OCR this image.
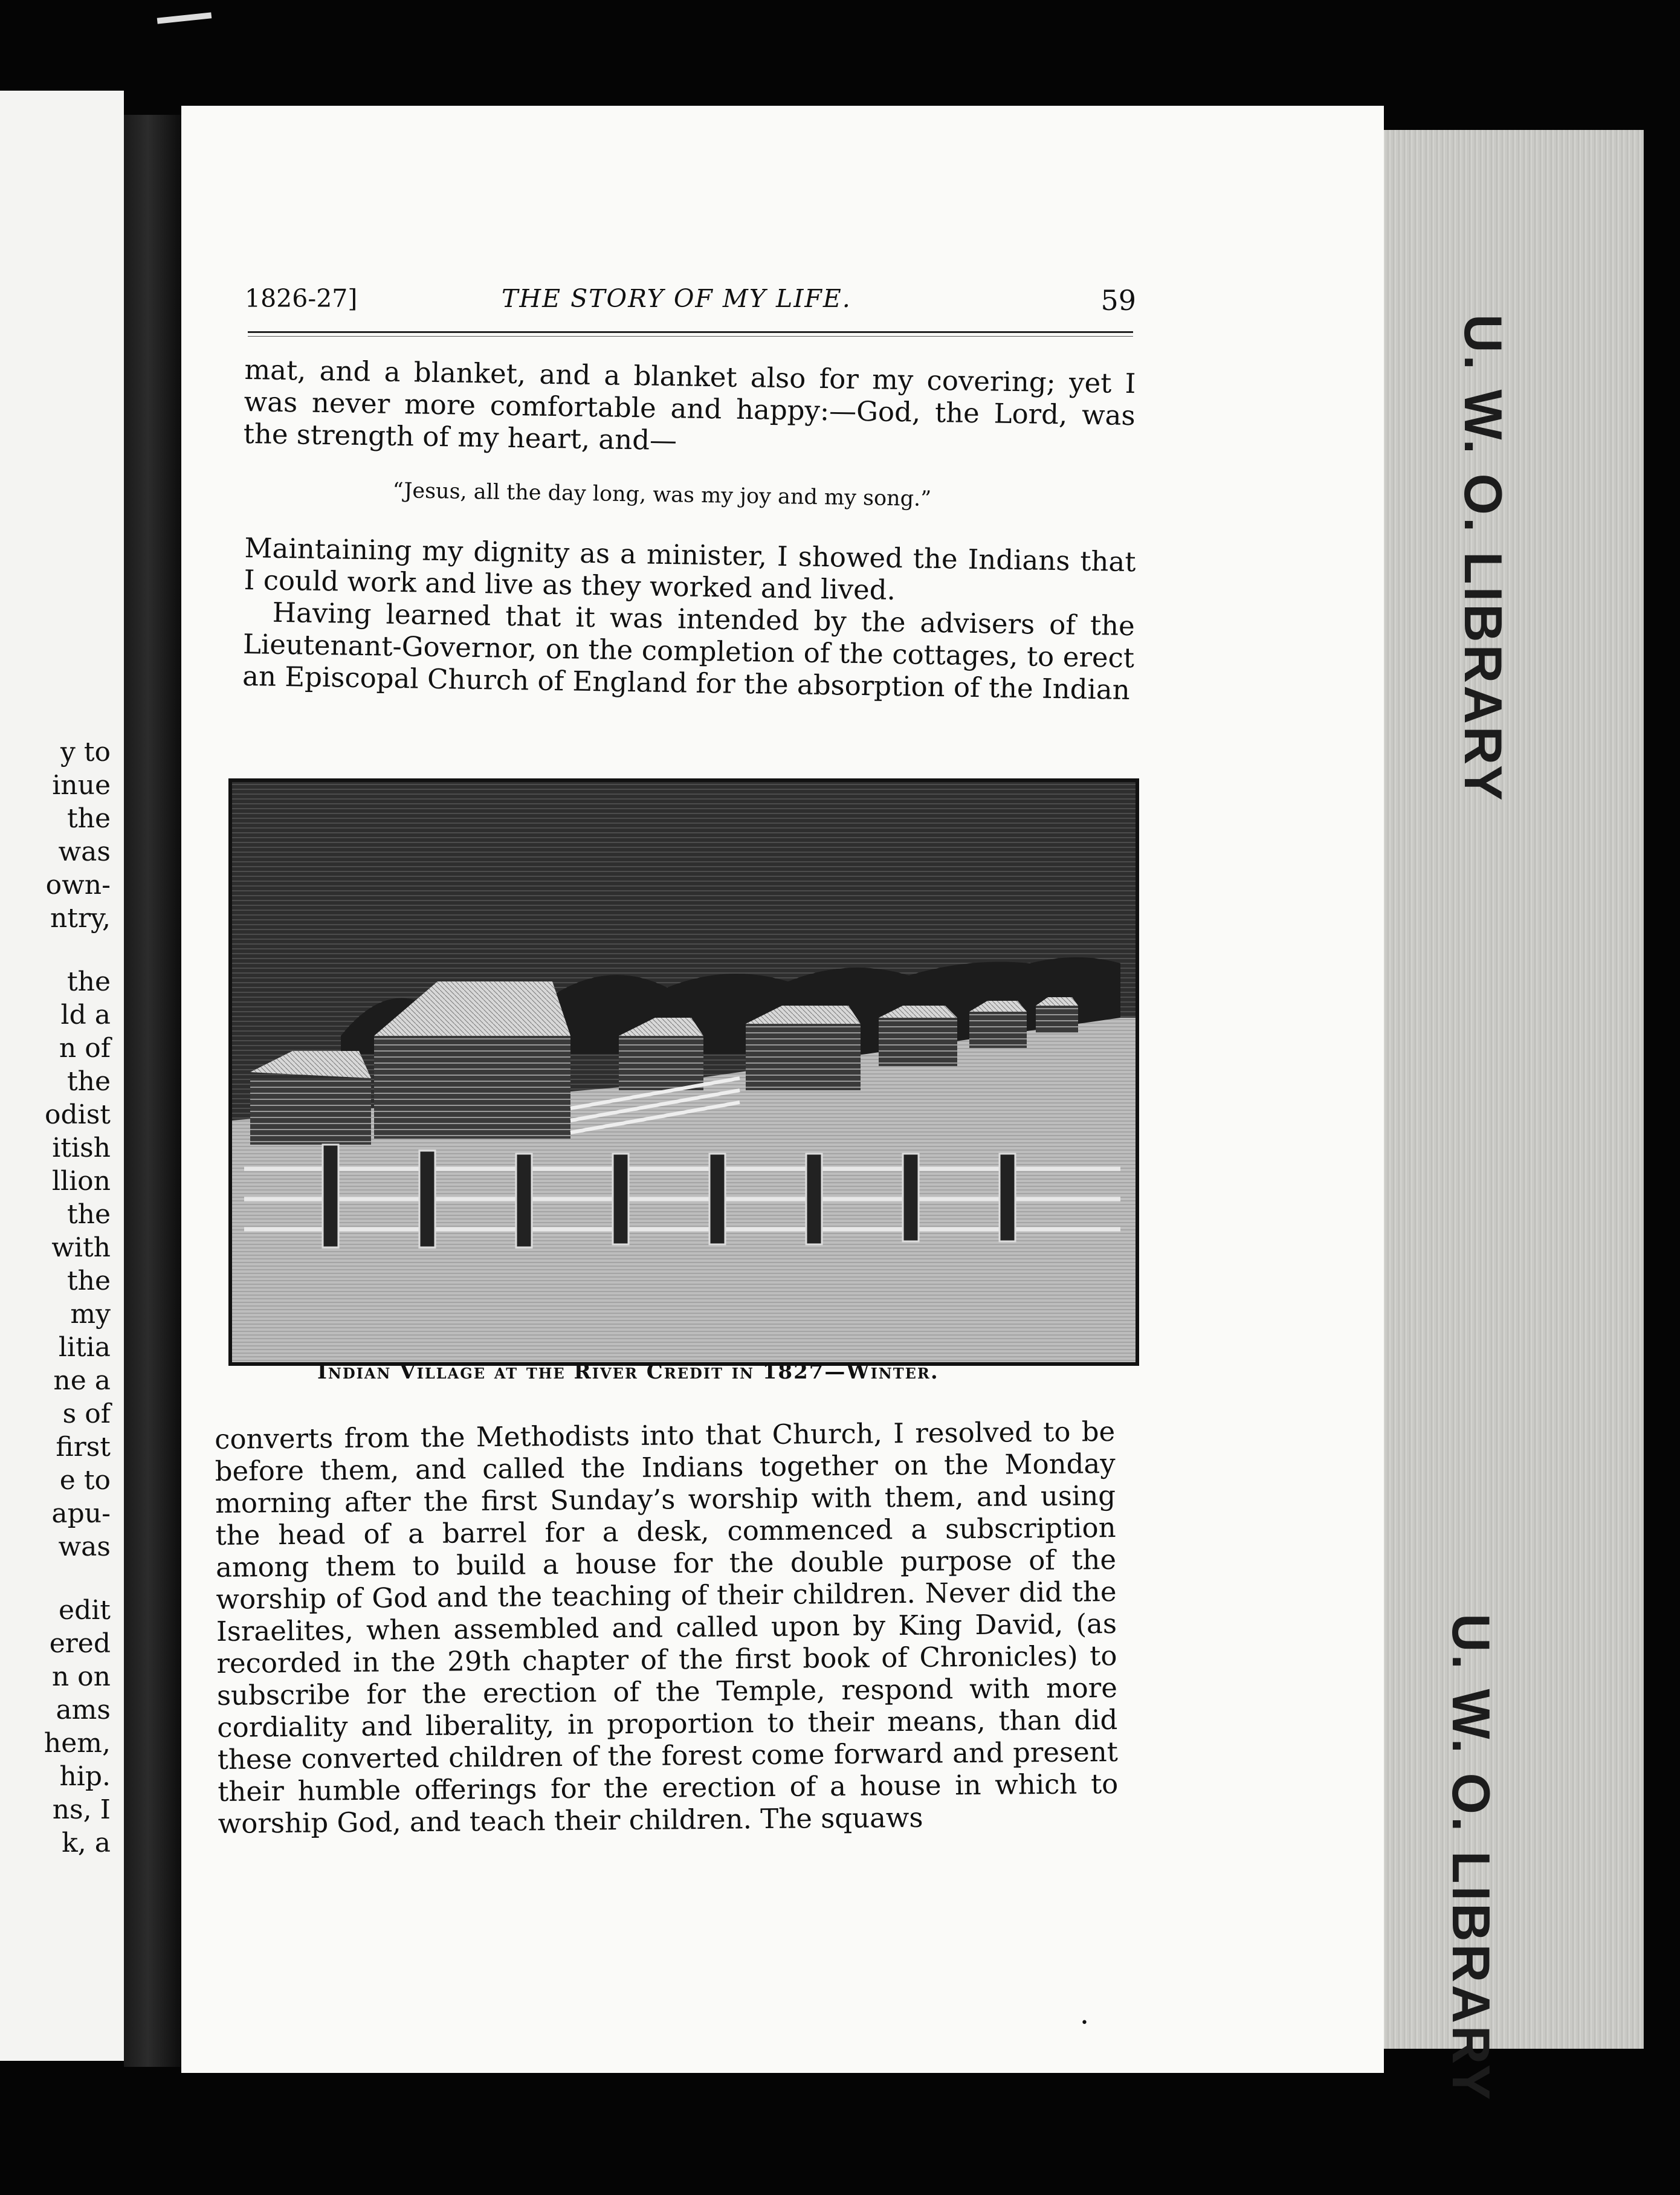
y to
inue
the
was
own-
ntry,
the
ld a
n of
the
odist
itish
llion
the
with
the
my
litia
ne a
s of
first
e to
apu-
was
edit
ered
n on
ams
hem,
hip.
ns, I
k, a
U. W. O. LIBRARY
U. W. O. LIBRARY
1826-27]	THE STORY OF MY LIFE.	59

mat, and a blanket, and a blanket also for my covering; yet I was never more comfortable and happy:—God, the Lord, was the strength of my heart, and—

“Jesus, all the day long, was my joy and my song.”

Maintaining my dignity as a minister, I showed the Indians that I could work and live as they worked and lived.

Having learned that it was intended by the advisers of the Lieutenant-Governor, on the completion of the cottages, to erect an Episcopal Church of England for the absorption of the Indian

Indian Village at the River Credit in 1827—Winter.

converts from the Methodists into that Church, I resolved to be before them, and called the Indians together on the Monday morning after the first Sunday’s worship with them, and using the head of a barrel for a desk, commenced a subscription among them to build a house for the double purpose of the worship of God and the teaching of their children. Never did the Israelites, when assembled and called upon by King David, (as recorded in the 29th chapter of the first book of Chronicles) to subscribe for the erection of the Temple, respond with more cordiality and liberality, in proportion to their means, than did these converted children of the forest come forward and present their humble offerings for the erection of a house in which to worship God, and teach their children. The squaws

•
